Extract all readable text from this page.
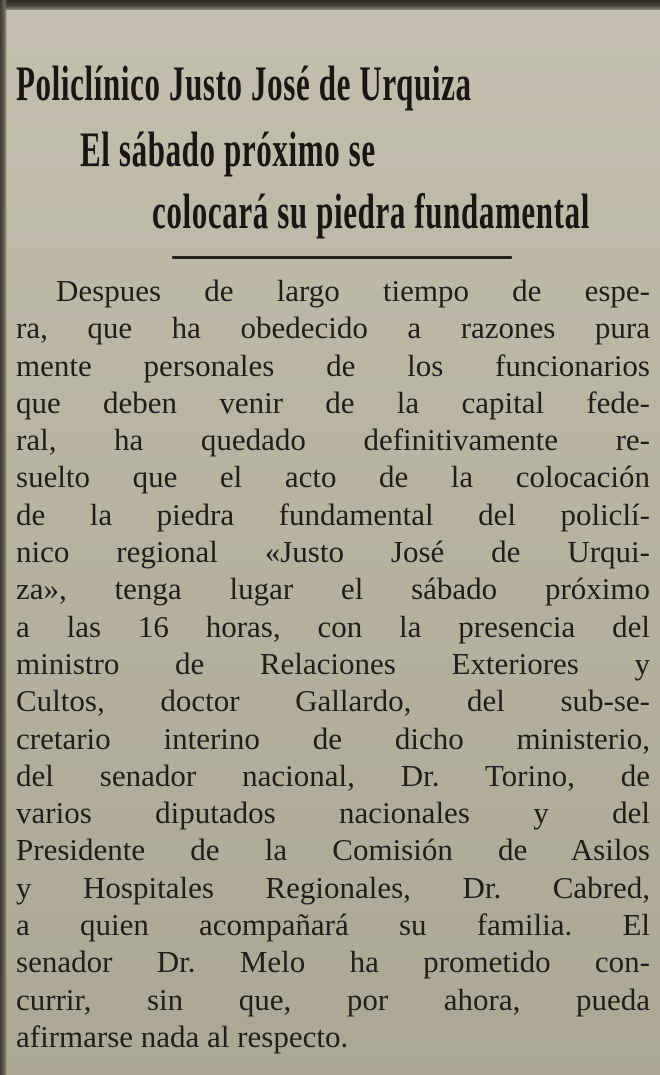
Policlínico Justo José de Urquiza
El sábado próximo se
colocará su piedra fundamental
Despues de largo tiempo de espe-
ra, que ha obedecido a razones pura
mente personales de los funcionarios
que deben venir de la capital fede-
ral, ha quedado definitivamente re-
suelto que el acto de la colocación
de la piedra fundamental del policlí-
nico regional «Justo José de Urqui-
za», tenga lugar el sábado próximo
a las 16 horas, con la presencia del
ministro de Relaciones Exteriores y
Cultos, doctor Gallardo, del sub-se-
cretario interino de dicho ministerio,
del senador nacional, Dr. Torino, de
varios diputados nacionales y del
Presidente de la Comisión de Asilos
y Hospitales Regionales, Dr. Cabred,
a quien acompañará su familia. El
senador Dr. Melo ha prometido con-
currir, sin que, por ahora, pueda
afirmarse nada al respecto.
